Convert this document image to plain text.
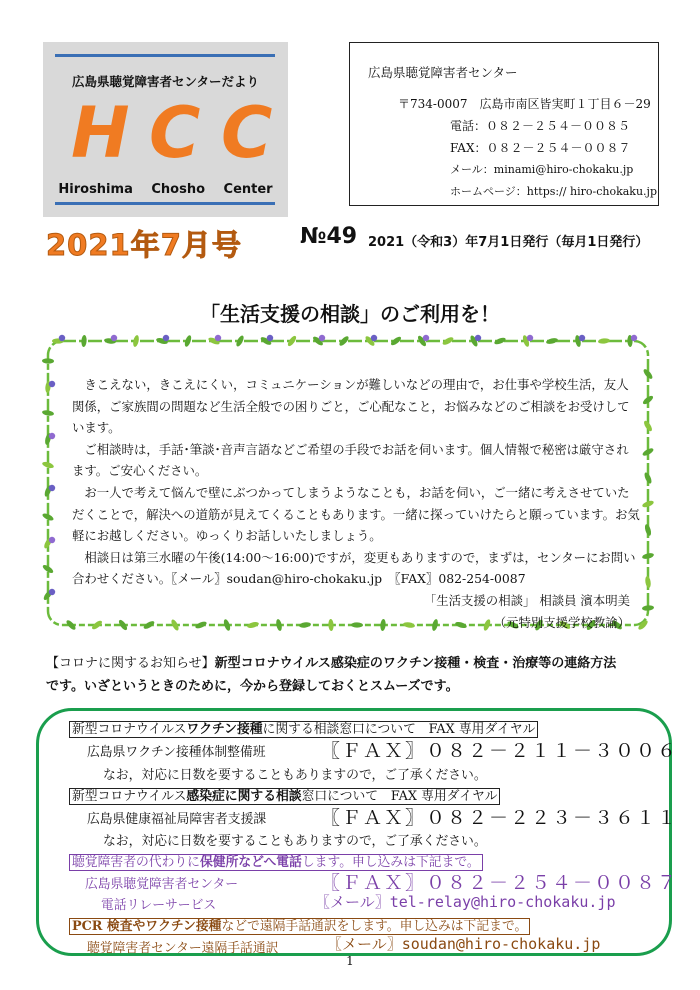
広島県聴覚障害者センターだより
H C C
Hiroshima Chosho Center
広島県聴覚障害者センター
〒734-0007　広島市南区皆実町１丁目６－29
電話：０８２－２５４－００８５
FAX：０８２－２５４－００８７
メール：minami@hiro-chokaku.jp
ホームページ：https:// hiro-chokaku.jp
2021年7月号	№49 2021（令和3）年7月1日発行（毎月1日発行）
「生活支援の相談」のご利用を！

　きこえない，きこえにくい，コミュニケーションが難しいなどの理由で，お仕事や学校生活，友人関係，ご家族間の問題など生活全般での困りごと，ご心配なこと，お悩みなどのご相談をお受けしています。

　ご相談時は，手話･筆談･音声言語などご希望の手段でお話を伺います。個人情報で秘密は厳守されます。ご安心ください。

　お一人で考えて悩んで壁にぶつかってしまうようなことも，お話を伺い，ご一緒に考えさせていただくことで，解決への道筋が見えてくることもあります。一緒に探っていけたらと願っています。お気軽にお越しください。ゆっくりお話しいたしましょう。

　相談日は第三水曜の午後(14:00～16:00)ですが，変更もありますので，まずは，センターにお問い合わせください。〖メール〗soudan@hiro-chokaku.jp　〖FAX〗082-254-0087

「生活支援の相談」 相談員 濱本明美

（元特別支援学校教諭）

【コロナに関するお知らせ】新型コロナウイルス感染症のワクチン接種・検査・治療等の連絡方法
です。いざというときのために，今から登録しておくとスムーズです。
新型コロナウイルスワクチン接種に関する相談窓口について　FAX 専用ダイヤル
広島県ワクチン接種体制整備班	〖ＦＡＸ〗０８２－２１１－３００６
なお，対応に日数を要することもありますので，ご了承ください。
新型コロナウイルス感染症に関する相談窓口について　FAX 専用ダイヤル
広島県健康福祉局障害者支援課	〖ＦＡＸ〗０８２－２２３－３６１１
なお，対応に日数を要することもありますので，ご了承ください。
聴覚障害者の代わりに保健所などへ電話します。申し込みは下記まで。
広島県聴覚障害者センター	〖ＦＡＸ〗０８２－２５４－００８７
電話リレーサービス	〖メール〗tel-relay@hiro-chokaku.jp
PCR 検査やワクチン接種などで遠隔手話通訳をします。申し込みは下記まで。
聴覚障害者センター遠隔手話通訳	〖メール〗soudan@hiro-chokaku.jp
1
